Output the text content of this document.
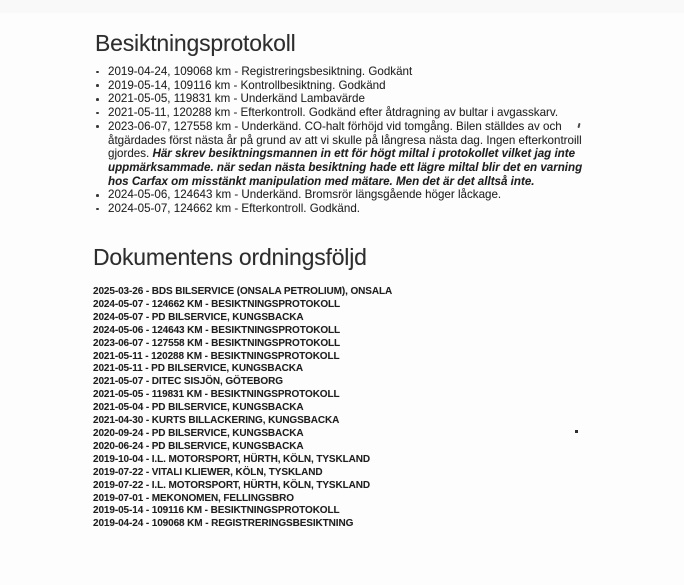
Besiktningsprotokoll
2019-04-24, 109068 km - Registreringsbesiktning. Godkänt
2019-05-14, 109116 km - Kontrollbesiktning. Godkänd
2021-05-05, 119831 km - Underkänd Lambavärde
2021-05-11, 120288 km - Efterkontroll. Godkänd efter åtdragning av bultar i avgasskarv.
2023-06-07, 127558 km - Underkänd. CO-halt förhöjd vid tomgång. Bilen ställdes av och åtgärdades först nästa år på grund av att vi skulle på långresa nästa dag. Ingen efterkontroill gjordes. Här skrev besiktningsmannen in ett för högt miltal i protokollet vilket jag inte uppmärksammade. när sedan nästa besiktning hade ett lägre miltal blir det en varning hos Carfax om misstänkt manipulation med mätare. Men det är det alltså inte.
2024-05-06, 124643 km - Underkänd. Bromsrör längsgående höger låckage.
2024-05-07, 124662 km - Efterkontroll. Godkänd.
Dokumentens ordningsföljd
2025-03-26 - BDS BILSERVICE (ONSALA PETROLIUM), ONSALA
2024-05-07 - 124662 KM - BESIKTNINGSPROTOKOLL
2024-05-07 - PD BILSERVICE, KUNGSBACKA
2024-05-06 - 124643 KM - BESIKTNINGSPROTOKOLL
2023-06-07 - 127558 KM - BESIKTNINGSPROTOKOLL
2021-05-11 - 120288 KM - BESIKTNINGSPROTOKOLL
2021-05-11 - PD BILSERVICE, KUNGSBACKA
2021-05-07 - DITEC SISJÖN, GÖTEBORG
2021-05-05 - 119831 KM - BESIKTNINGSPROTOKOLL
2021-05-04 - PD BILSERVICE, KUNGSBACKA
2021-04-30 - KURTS BILLACKERING, KUNGSBACKA
2020-09-24 - PD BILSERVICE, KUNGSBACKA
2020-06-24 - PD BILSERVICE, KUNGSBACKA
2019-10-04 - I.L. MOTORSPORT, HÜRTH, KÖLN, TYSKLAND
2019-07-22 - VITALI KLIEWER, KÖLN, TYSKLAND
2019-07-22 - I.L. MOTORSPORT, HÜRTH, KÖLN, TYSKLAND
2019-07-01 - MEKONOMEN, FELLINGSBRO
2019-05-14 - 109116 KM - BESIKTNINGSPROTOKOLL
2019-04-24 - 109068 KM - REGISTRERINGSBESIKTNING
